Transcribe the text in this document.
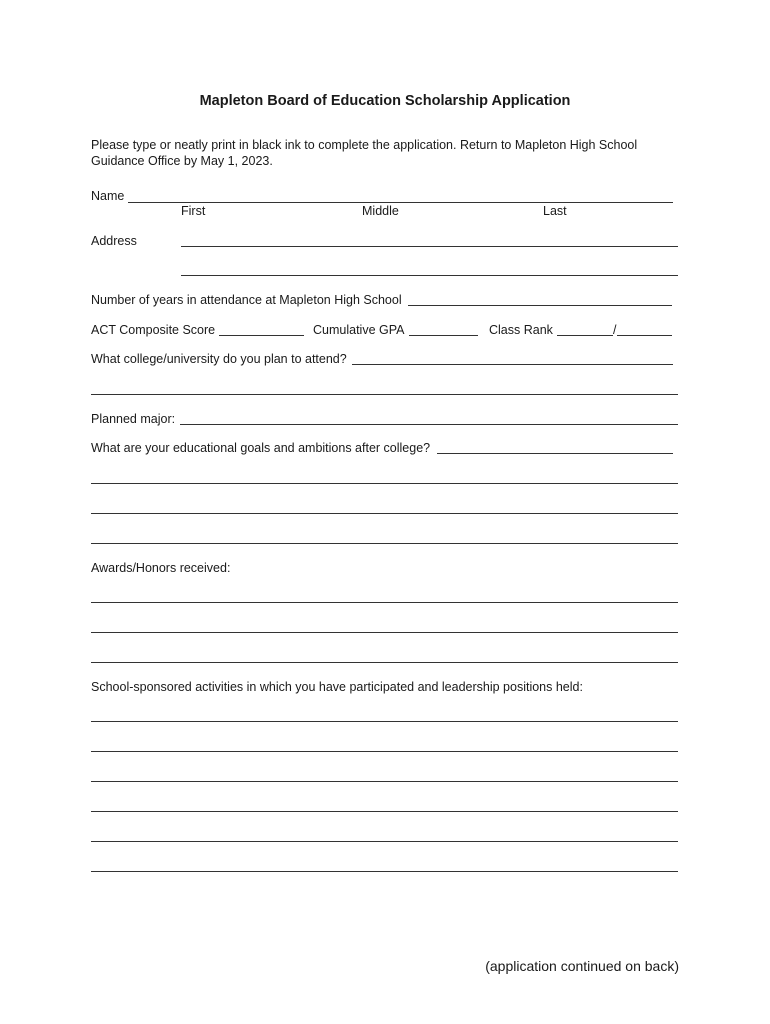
Mapleton Board of Education Scholarship Application
Please type or neatly print in black ink to complete the application. Return to Mapleton High School Guidance Office by May 1, 2023.
Name
First	Middle	Last
Address
Number of years in attendance at Mapleton High School
ACT Composite Score	Cumulative GPA	Class Rank	/
What college/university do you plan to attend?
Planned major:
What are your educational goals and ambitions after college?
Awards/Honors received:
School-sponsored activities in which you have participated and leadership positions held:
(application continued on back)
